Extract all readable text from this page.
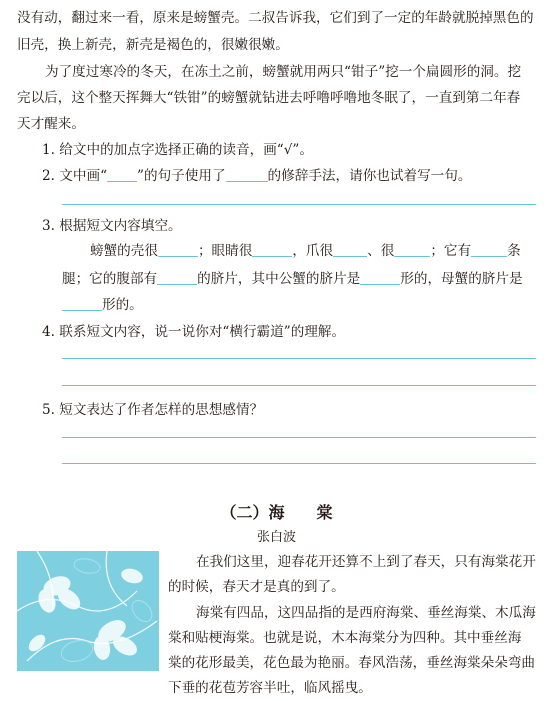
没有动，翻过来一看，原来是螃蟹壳。二叔告诉我，它们到了一定的年龄就脱掉黑色的
旧壳，换上新壳，新壳是褐色的，很嫩很嫩。
为了度过寒冷的冬天，在冻土之前，螃蟹就用两只“钳子”挖一个扁圆形的洞。挖
完以后，这个整天挥舞大“铁钳”的螃蟹就钻进去呼噜呼噜地冬眠了，一直到第二年春
天才醒来。
1. 给文中的加点字选择正确的读音，画“√”。
2. 文中画“ ”的句子使用了	的修辞手法，请你也试着写一句。
3. 根据短文内容填空。
螃蟹的壳很	；眼睛很	，爪很	、很	；它有	条
腿；它的腹部有	的脐片，其中公蟹的脐片是	形的，母蟹的脐片是
形的。
4. 联系短文内容，说一说你对“横行霸道”的理解。
5. 短文表达了作者怎样的思想感情？
（二）海　　棠
张白波
在我们这里，迎春花开还算不上到了春天，只有海棠花开
的时候，春天才是真的到了。
海棠有四品，这四品指的是西府海棠、垂丝海棠、木瓜海
棠和贴梗海棠。也就是说，木本海棠分为四种。其中垂丝海
棠的花形最美，花色最为艳丽。春风浩荡，垂丝海棠朵朵弯曲
下垂的花苞芳容半吐，临风摇曳。
